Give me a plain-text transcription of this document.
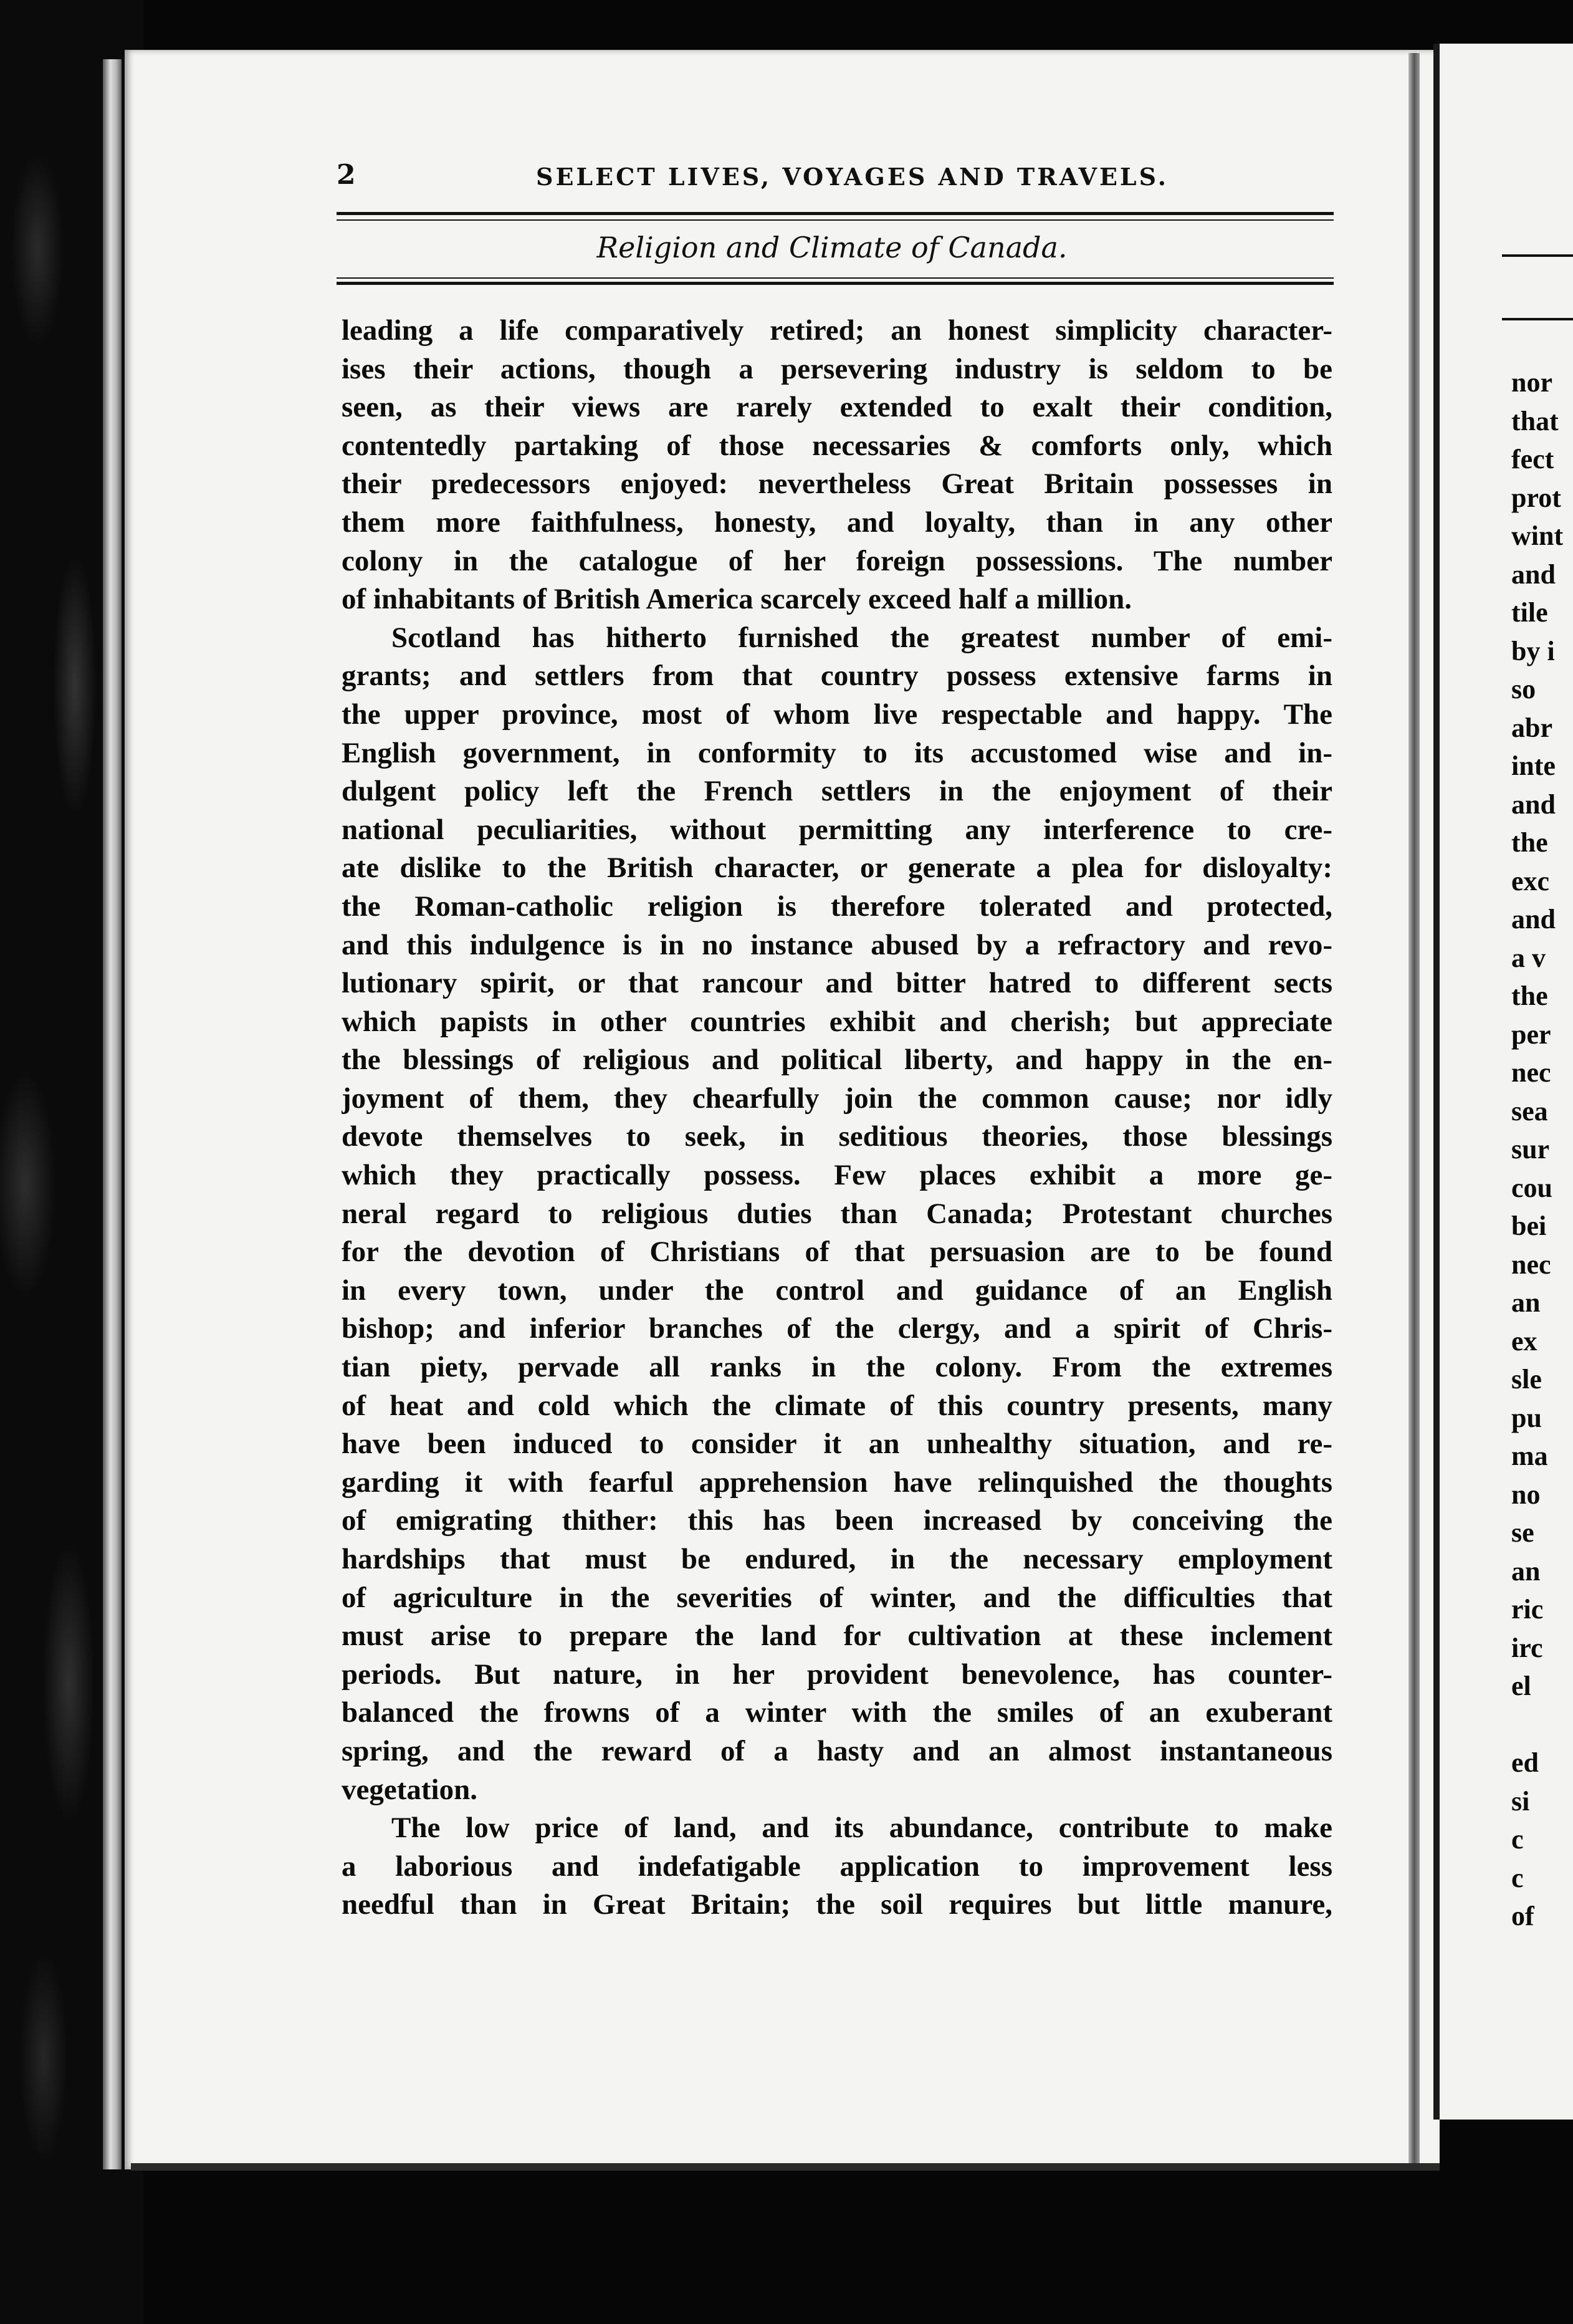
2	SELECT LIVES, VOYAGES AND TRAVELS.
Religion and Climate of Canada.
leading a life comparatively retired; an honest simplicity character-
ises their actions, though a persevering industry is seldom to be
seen, as their views are rarely extended to exalt their condition,
contentedly partaking of those necessaries & comforts only, which
their predecessors enjoyed: nevertheless Great Britain possesses in
them more faithfulness, honesty, and loyalty, than in any other
colony in the catalogue of her foreign possessions. The number
of inhabitants of British America scarcely exceed half a million.
Scotland has hitherto furnished the greatest number of emi-
grants; and settlers from that country possess extensive farms in
the upper province, most of whom live respectable and happy. The
English government, in conformity to its accustomed wise and in-
dulgent policy left the French settlers in the enjoyment of their
national peculiarities, without permitting any interference to cre-
ate dislike to the British character, or generate a plea for disloyalty:
the Roman-catholic religion is therefore tolerated and protected,
and this indulgence is in no instance abused by a refractory and revo-
lutionary spirit, or that rancour and bitter hatred to different sects
which papists in other countries exhibit and cherish; but appreciate
the blessings of religious and political liberty, and happy in the en-
joyment of them, they chearfully join the common cause; nor idly
devote themselves to seek, in seditious theories, those blessings
which they practically possess. Few places exhibit a more ge-
neral regard to religious duties than Canada; Protestant churches
for the devotion of Christians of that persuasion are to be found
in every town, under the control and guidance of an English
bishop; and inferior branches of the clergy, and a spirit of Chris-
tian piety, pervade all ranks in the colony. From the extremes
of heat and cold which the climate of this country presents, many
have been induced to consider it an unhealthy situation, and re-
garding it with fearful apprehension have relinquished the thoughts
of emigrating thither: this has been increased by conceiving the
hardships that must be endured, in the necessary employment
of agriculture in the severities of winter, and the difficulties that
must arise to prepare the land for cultivation at these inclement
periods. But nature, in her provident benevolence, has counter-
balanced the frowns of a winter with the smiles of an exuberant
spring, and the reward of a hasty and an almost instantaneous
vegetation.
The low price of land, and its abundance, contribute to make
a laborious and indefatigable application to improvement less
needful than in Great Britain; the soil requires but little manure,
nor
that
fect
prot
wint
and
tile
by i
so
abr
inte
and
the
exc
and
a v
the
per
nec
sea
sur
cou
bei
nec
an
ex
sle
pu
ma
no
se
an
ric
irc
el
ed
si
c
c
of
